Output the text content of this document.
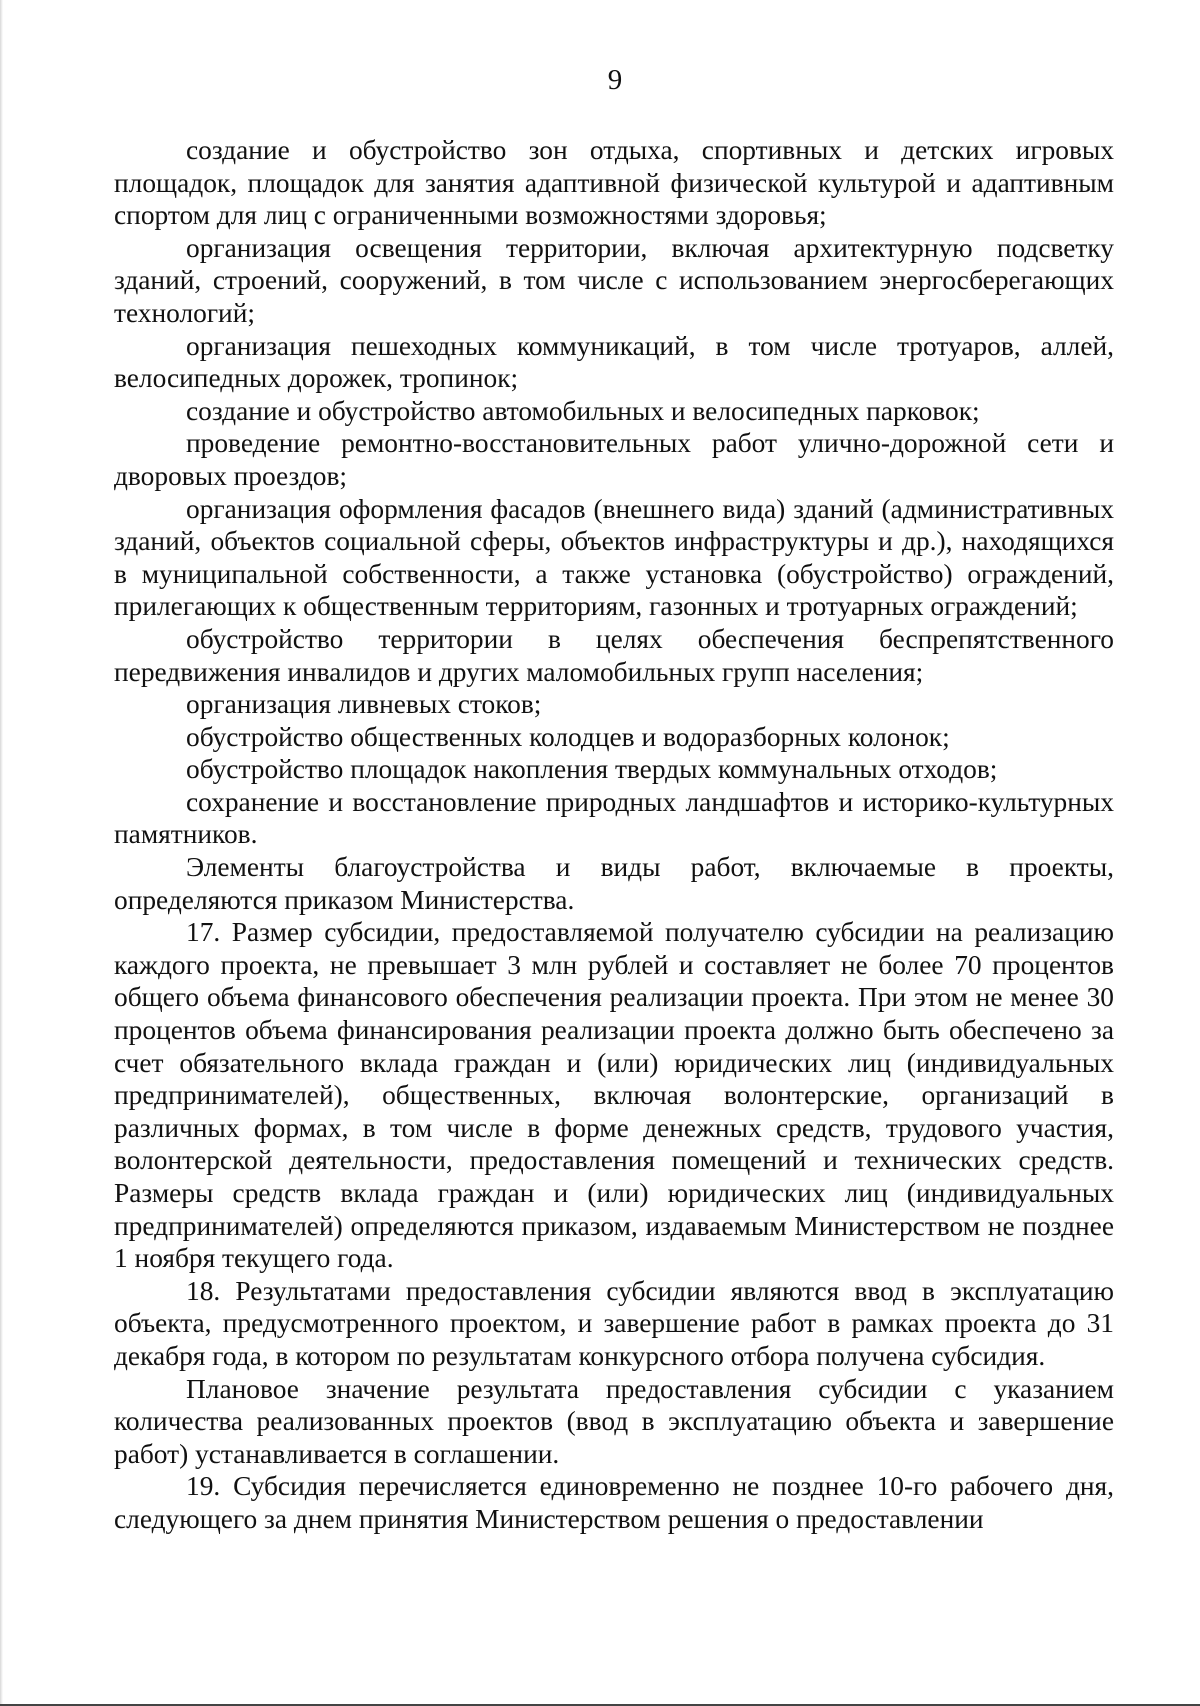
9

создание и обустройство зон отдыха, спортивных и детских игровых площадок, площадок для занятия адаптивной физической культурой и адаптивным спортом для лиц с ограниченными возможностями здоровья;

организация освещения территории, включая архитектурную подсветку зданий, строений, сооружений, в том числе с использованием энергосберегающих технологий;

организация пешеходных коммуникаций, в том числе тротуаров, аллей, велосипедных дорожек, тропинок;

создание и обустройство автомобильных и велосипедных парковок;

проведение ремонтно-восстановительных работ улично-дорожной сети и дворовых проездов;

организация оформления фасадов (внешнего вида) зданий (административных зданий, объектов социальной сферы, объектов инфраструктуры и др.), находящихся в муниципальной собственности, а также установка (обустройство) ограждений, прилегающих к общественным территориям, газонных и тротуарных ограждений;

обустройство территории в целях обеспечения беспрепятственного передвижения инвалидов и других маломобильных групп населения;

организация ливневых стоков;

обустройство общественных колодцев и водоразборных колонок;

обустройство площадок накопления твердых коммунальных отходов;

сохранение и восстановление природных ландшафтов и историко-культурных памятников.

Элементы благоустройства и виды работ, включаемые в проекты, определяются приказом Министерства.

17. Размер субсидии, предоставляемой получателю субсидии на реализацию каждого проекта, не превышает 3 млн рублей и составляет не более 70 процентов общего объема финансового обеспечения реализации проекта. При этом не менее 30 процентов объема финансирования реализации проекта должно быть обеспечено за счет обязательного вклада граждан и (или) юридических лиц (индивидуальных предпринимателей), общественных, включая волонтерские, организаций в различных формах, в том числе в форме денежных средств, трудового участия, волонтерской деятельности, предоставления помещений и технических средств. Размеры средств вклада граждан и (или) юридических лиц (индивидуальных предпринимателей) определяются приказом, издаваемым Министерством не позднее 1 ноября текущего года.

18. Результатами предоставления субсидии являются ввод в эксплуатацию объекта, предусмотренного проектом, и завершение работ в рамках проекта до 31 декабря года, в котором по результатам конкурсного отбора получена субсидия.

Плановое значение результата предоставления субсидии с указанием количества реализованных проектов (ввод в эксплуатацию объекта и завершение работ) устанавливается в соглашении.

19. Субсидия перечисляется единовременно не позднее 10-го рабочего дня, следующего за днем принятия Министерством решения о предоставлении
